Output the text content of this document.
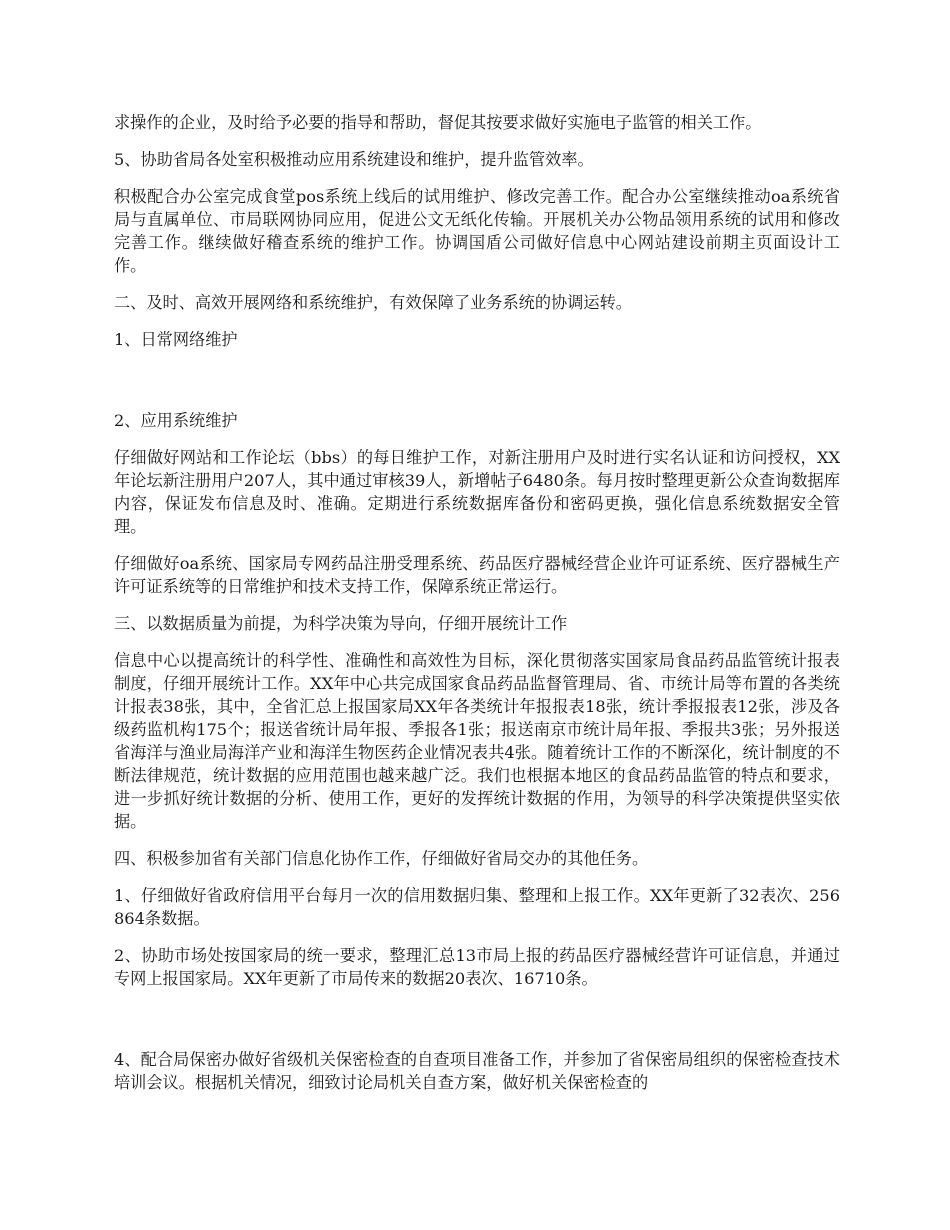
求操作的企业，及时给予必要的指导和帮助，督促其按要求做好实施电子监管的相关工作。

5、协助省局各处室积极推动应用系统建设和维护，提升监管效率。

积极配合办公室完成食堂pos系统上线后的试用维护、修改完善工作。配合办公室继续推动oa系统省局与直属单位、市局联网协同应用，促进公文无纸化传输。开展机关办公物品领用系统的试用和修改完善工作。继续做好稽查系统的维护工作。协调国盾公司做好信息中心网站建设前期主页面设计工作。

二、及时、高效开展网络和系统维护，有效保障了业务系统的协调运转。

1、日常网络维护

2、应用系统维护

仔细做好网站和工作论坛（bbs）的每日维护工作，对新注册用户及时进行实名认证和访问授权，XX年论坛新注册用户207人，其中通过审核39人，新增帖子6480条。每月按时整理更新公众查询数据库内容，保证发布信息及时、准确。定期进行系统数据库备份和密码更换，强化信息系统数据安全管理。

仔细做好oa系统、国家局专网药品注册受理系统、药品医疗器械经营企业许可证系统、医疗器械生产许可证系统等的日常维护和技术支持工作，保障系统正常运行。

三、以数据质量为前提，为科学决策为导向，仔细开展统计工作

信息中心以提高统计的科学性、准确性和高效性为目标，深化贯彻落实国家局食品药品监管统计报表制度，仔细开展统计工作。XX年中心共完成国家食品药品监督管理局、省、市统计局等布置的各类统计报表38张，其中，全省汇总上报国家局XX年各类统计年报报表18张，统计季报报表12张，涉及各级药监机构175个；报送省统计局年报、季报各1张；报送南京市统计局年报、季报共3张；另外报送省海洋与渔业局海洋产业和海洋生物医药企业情况表共4张。随着统计工作的不断深化，统计制度的不断法律规范，统计数据的应用范围也越来越广泛。我们也根据本地区的食品药品监管的特点和要求，进一步抓好统计数据的分析、使用工作，更好的发挥统计数据的作用，为领导的科学决策提供坚实依据。

四、积极参加省有关部门信息化协作工作，仔细做好省局交办的其他任务。

1、仔细做好省政府信用平台每月一次的信用数据归集、整理和上报工作。XX年更新了32表次、256864条数据。

2、协助市场处按国家局的统一要求，整理汇总13市局上报的药品医疗器械经营许可证信息，并通过专网上报国家局。XX年更新了市局传来的数据20表次、16710条。

4、配合局保密办做好省级机关保密检查的自查项目准备工作，并参加了省保密局组织的保密检查技术培训会议。根据机关情况，细致讨论局机关自查方案，做好机关保密检查的
